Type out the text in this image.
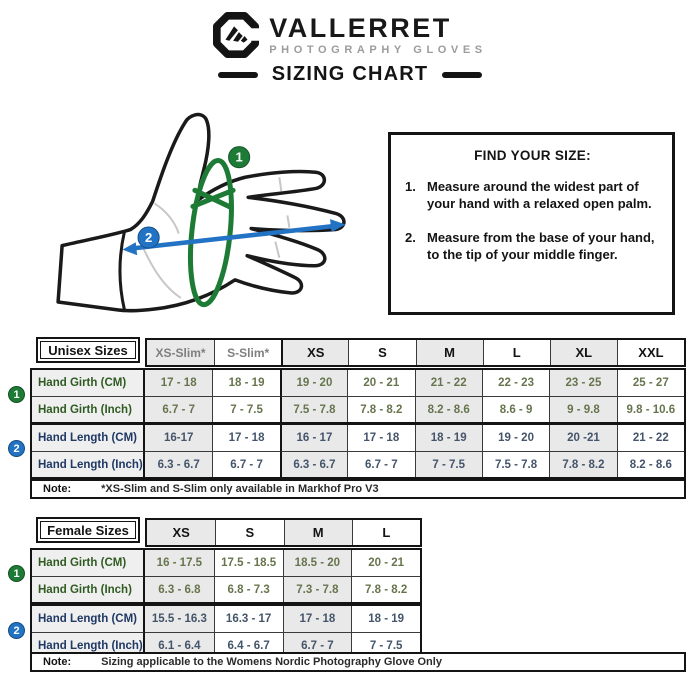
VALLERRET
PHOTOGRAPHY GLOVES
SIZING CHART
1
2
FIND YOUR SIZE:
1. Measure around the widest part of your hand with a relaxed open palm.
2. Measure from the base of your hand, to the tip of your middle finger.
Unisex Sizes	XS-Slim*	S-Slim*	XS	S	M	L	XL	XXL
Hand Girth (CM)	17 - 18	18 - 19	19 - 20	20 - 21	21 - 22	22 - 23	23 - 25	25 - 27
Hand Girth (Inch)	6.7 - 7	7 - 7.5	7.5 - 7.8	7.8 - 8.2	8.2 - 8.6	8.6 - 9	9 - 9.8	9.8 - 10.6
Hand Length (CM)	16-17	17 - 18	16 - 17	17 - 18	18 - 19	19 - 20	20 -21	21 - 22
Hand Length (Inch)	6.3 - 6.7	6.7 - 7	6.3 - 6.7	6.7 - 7	7 - 7.5	7.5 - 7.8	7.8 - 8.2	8.2 - 8.6
Note:	*XS-Slim and S-Slim only available in Markhof Pro V3
Female Sizes	XS	S	M	L
Hand Girth (CM)	16 - 17.5	17.5 - 18.5	18.5 - 20	20 - 21
Hand Girth (Inch)	6.3 - 6.8	6.8 - 7.3	7.3 - 7.8	7.8 - 8.2
Hand Length (CM)	15.5 - 16.3	16.3 - 17	17 - 18	18 - 19
Hand Length (Inch)	6.1 - 6.4	6.4 - 6.7	6.7 - 7	7 - 7.5
Note:	Sizing applicable to the Womens Nordic Photography Glove Only
1
2
1
2
